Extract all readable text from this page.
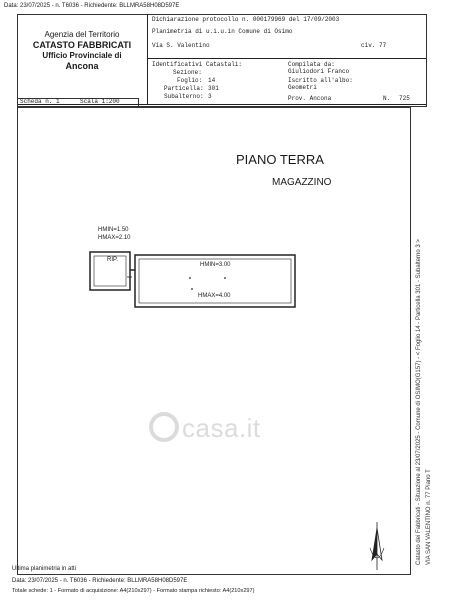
Data: 23/07/2025 - n. T6036 - Richiedente: BLLMRA58H08D597E
Agenzia del Territorio
CATASTO FABBRICATI
Ufficio Provinciale di
Ancona
Dichiarazione protocollo n. 000179969 del 17/09/2003
Planimetria di u.i.u.in Comune di Osimo
Via S. Valentino	civ. 77
Identificativi Catastali:
Sezione:
Foglio: 14
Particella: 301
Subalterno: 3
Compilata da:
Giuliodori Franco
Iscritto all'albo:
Geometri
Prov. Ancona	N. 725
Scheda n. 1	Scala 1:200
PIANO TERRA
MAGAZZINO
HMIN=1.50
HMAX=2.10
RIP.
HMIN=3.00
HMAX=4.00
casa.it	Catasto dei Fabbricati - Situazione al 23/07/2025 - Comune di OSIMO(G157) - < Foglio 14 - Particella 301 - Subalterno 3 > VIA SAN VALENTINO n. 77 Piano T
Ultima planimetria in atti
Data: 23/07/2025 - n. T6036 - Richiedente: BLLMRA58H08D597E
Totale schede: 1 - Formato di acquisizione: A4(210x297) - Formato stampa richiesto: A4(210x297)
